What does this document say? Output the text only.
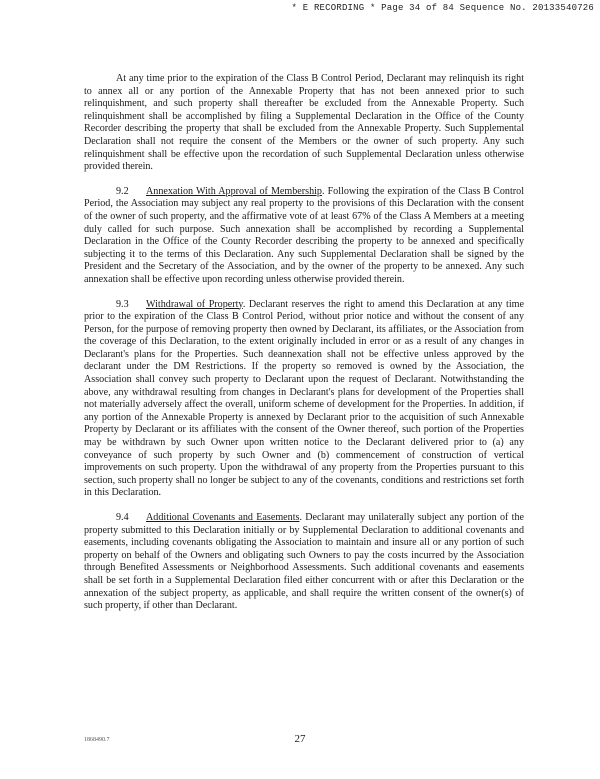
* E RECORDING * Page 34 of 84 Sequence No. 20133540726

At any time prior to the expiration of the Class B Control Period, Declarant may relinquish its right to annex all or any portion of the Annexable Property that has not been annexed prior to such relinquishment, and such property shall thereafter be excluded from the Annexable Property. Such relinquishment shall be accomplished by filing a Supplemental Declaration in the Office of the County Recorder describing the property that shall be excluded from the Annexable Property. Such Supplemental Declaration shall not require the consent of the Members or the owner of such property. Any such relinquishment shall be effective upon the recordation of such Supplemental Declaration unless otherwise provided therein.

9.2 Annexation With Approval of Membership. Following the expiration of the Class B Control Period, the Association may subject any real property to the provisions of this Declaration with the consent of the owner of such property, and the affirmative vote of at least 67% of the Class A Members at a meeting duly called for such purpose. Such annexation shall be accomplished by recording a Supplemental Declaration in the Office of the County Recorder describing the property to be annexed and specifically subjecting it to the terms of this Declaration. Any such Supplemental Declaration shall be signed by the President and the Secretary of the Association, and by the owner of the property to be annexed. Any such annexation shall be effective upon recording unless otherwise provided therein.

9.3 Withdrawal of Property. Declarant reserves the right to amend this Declaration at any time prior to the expiration of the Class B Control Period, without prior notice and without the consent of any Person, for the purpose of removing property then owned by Declarant, its affiliates, or the Association from the coverage of this Declaration, to the extent originally included in error or as a result of any changes in Declarant's plans for the Properties. Such deannexation shall not be effective unless approved by the declarant under the DM Restrictions. If the property so removed is owned by the Association, the Association shall convey such property to Declarant upon the request of Declarant. Notwithstanding the above, any withdrawal resulting from changes in Declarant's plans for development of the Properties shall not materially adversely affect the overall, uniform scheme of development for the Properties. In addition, if any portion of the Annexable Property is annexed by Declarant prior to the acquisition of such Annexable Property by Declarant or its affiliates with the consent of the Owner thereof, such portion of the Properties may be withdrawn by such Owner upon written notice to the Declarant delivered prior to (a) any conveyance of such property by such Owner and (b) commencement of construction of vertical improvements on such property. Upon the withdrawal of any property from the Properties pursuant to this section, such property shall no longer be subject to any of the covenants, conditions and restrictions set forth in this Declaration.

9.4 Additional Covenants and Easements. Declarant may unilaterally subject any portion of the property submitted to this Declaration initially or by Supplemental Declaration to additional covenants and easements, including covenants obligating the Association to maintain and insure all or any portion of such property on behalf of the Owners and obligating such Owners to pay the costs incurred by the Association through Benefited Assessments or Neighborhood Assessments. Such additional covenants and easements shall be set forth in a Supplemental Declaration filed either concurrent with or after this Declaration or the annexation of the subject property, as applicable, and shall require the written consent of the owner(s) of such property, if other than Declarant.

1868490.7	27
